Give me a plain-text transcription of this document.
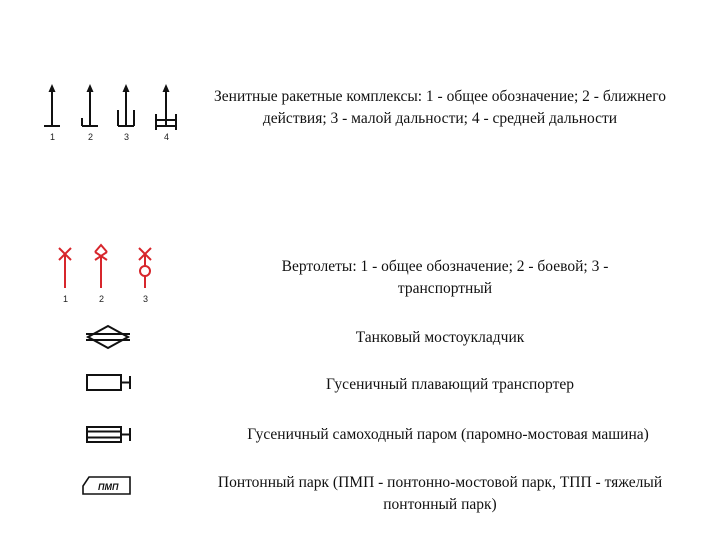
1	2	3	4
Зенитные ракетные комплексы: 1 - общее обозначение; 2 - ближнего действия; 3 - малой дальности; 4 - средней дальности
1	2	3
Вертолеты: 1 - общее обозначение; 2 - боевой; 3 - транспортный
Танковый мостоукладчик
Гусеничный плавающий транспортер
Гусеничный самоходный паром (паромно-мостовая машина)
ПМП	Понтонный парк (ПМП - понтонно-мостовой парк, ТПП - тяжелый понтонный парк)
